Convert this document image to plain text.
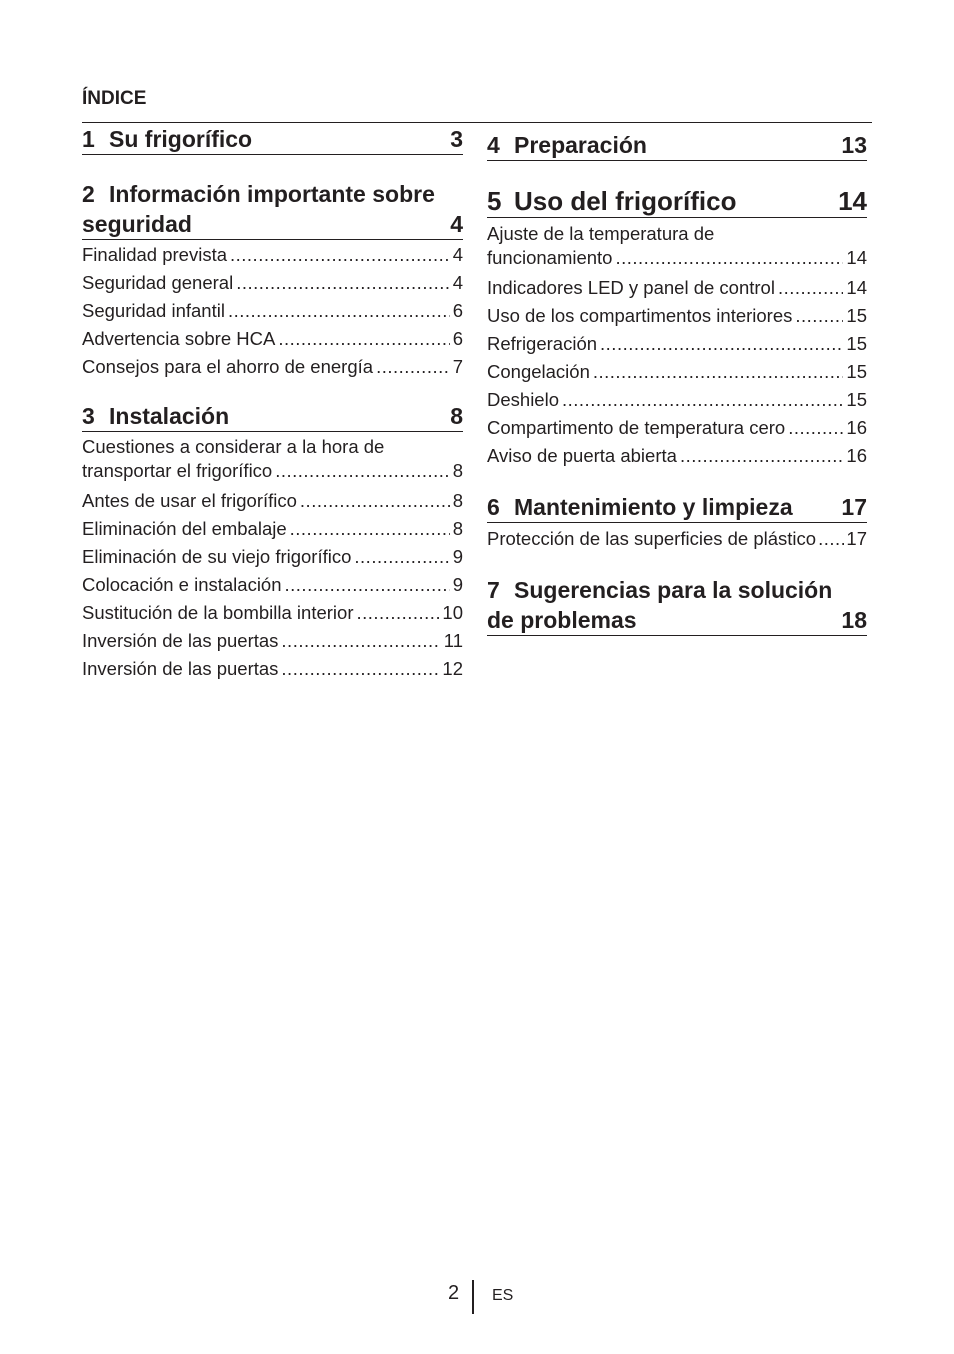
ÍNDICE
1 Su frigorífico	3
2 Información importante sobre
seguridad	4
Finalidad prevista .....	4
Seguridad general .....	4
Seguridad infantil .....	6
Advertencia sobre HCA .....	6
Consejos para el ahorro de energía .....	7
3 Instalación	8
Cuestiones a considerar a la hora de
transportar el frigorífico .....	8
Antes de usar el frigorífico .....	8
Eliminación del embalaje .....	8
Eliminación de su viejo frigorífico .....	9
Colocación e instalación .....	9
Sustitución de la bombilla interior .....	10
Inversión de las puertas .....	11
Inversión de las puertas .....	12
4 Preparación	13
5 Uso del frigorífico	14
Ajuste de la temperatura de
funcionamiento .....	14
Indicadores LED y panel de control .....	14
Uso de los compartimentos interiores .....	15
Refrigeración .....	15
Congelación .....	15
Deshielo .....	15
Compartimento de temperatura cero .....	16
Aviso de puerta abierta .....	16
6 Mantenimiento y limpieza 17
Protección de las superficies de plástico ..... 17
7 Sugerencias para la solución
de problemas	18
2 ES
